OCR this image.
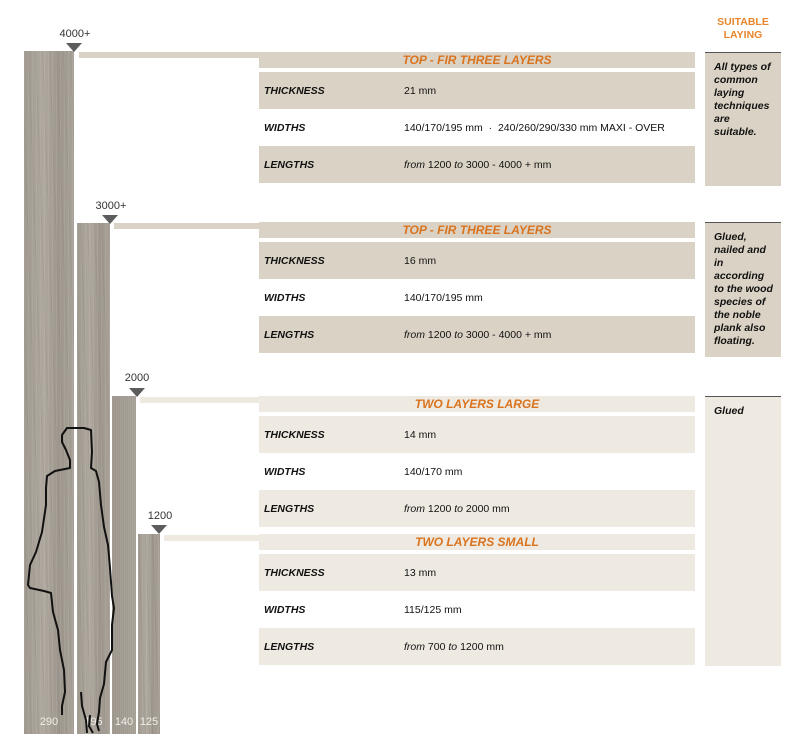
290	195	140 125
4000+
3000+
2000
1200
TOP - FIR THREE LAYERS
THICKNESS	21 mm
WIDTHS	140/170/195 mm  ·  240/260/290/330 mm MAXI - OVER
LENGTHS	from 1200 to 3000 - 4000 + mm
TOP - FIR THREE LAYERS
THICKNESS	16 mm
WIDTHS	140/170/195 mm
LENGTHS	from 1200 to 3000 - 4000 + mm
TWO LAYERS LARGE
THICKNESS	14 mm
WIDTHS	140/170 mm
LENGTHS	from 1200 to 2000 mm
TWO LAYERS SMALL
THICKNESS	13 mm
WIDTHS	115/125 mm
LENGTHS	from 700 to 1200 mm
SUITABLE LAYING
All types of common laying techniques are suitable.
Glued, nailed and in according to the wood species of the noble plank also floating.
Glued
